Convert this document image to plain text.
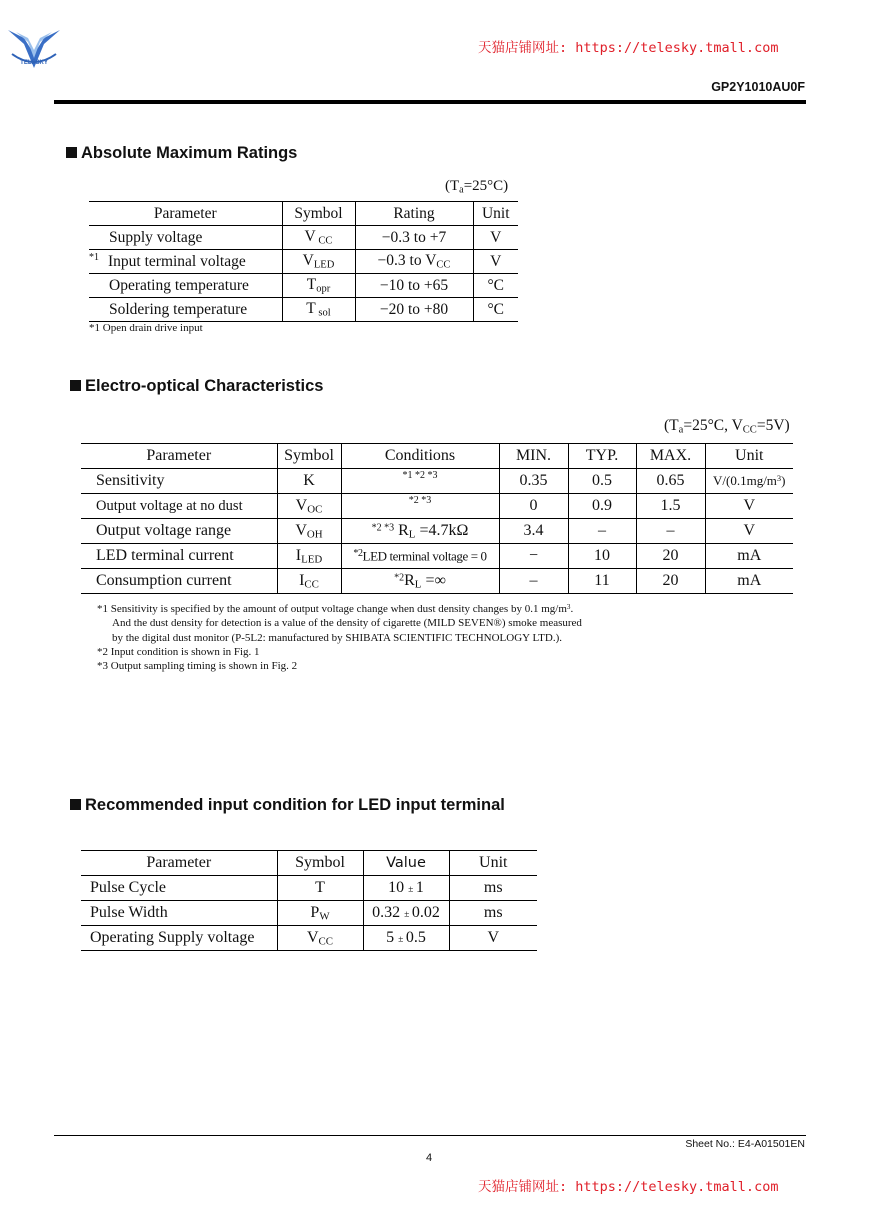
TELESKY
天猫店铺网址: https://telesky.tmall.com
GP2Y1010AU0F
Absolute Maximum Ratings
$(T_a=25^\circ C)$
Parameter	Symbol	Rating	Unit
Supply voltage	V $_{CC}$	−0.3 to +7	V
$^{*1}$ Input terminal voltage	$V_{LED}$	−0.3 to $V_{CC}$	V
Operating temperature	$T_{opr}$	−10 to +65	°C
Soldering temperature	T $_{sol}$	−20 to +80	°C
*1 Open drain drive input
Electro-optical Characteristics
($T_a=25^\circ C$, $V_{CC}=5V$)
Parameter	Symbol	Conditions	MIN.	TYP.	MAX.	Unit
Sensitivity	K	$^{*1 *2 *3}$	0.35	0.5	0.65	$V/(0.1mg/m^3)$
Output voltage at no dust	$V_{OC}$	$^{*2 *3}$	0	0.9	1.5	V
Output voltage range	$V_{OH}$	$^{*2 *3}$ $R_L =4.7k\Omega$	3.4	–	–	V
LED terminal current	$I_{LED}$	$^{*2}$LED terminal voltage = 0	−	10	20	mA
Consumption current	$I_{CC}$	$^{*2}R_L$ =∞	–	11	20	mA
*1 Sensitivity is specified by the amount of output voltage change when dust density changes by 0.1 $mg/m^3$.
And the dust density for detection is a value of the density of cigarette (MILD SEVEN®) smoke measured
by the digital dust monitor (P-5L2: manufactured by SHIBATA SCIENTIFIC TECHNOLOGY LTD.).
*2 Input condition is shown in Fig. 1
*3 Output sampling timing is shown in Fig. 2
Recommended input condition for LED input terminal
Parameter	Symbol	Value	Unit
Pulse Cycle	T	10 ± 1	ms
Pulse Width	$P_W$	0.32 ± 0.02	ms
Operating Supply voltage	$V_{CC}$	5 ± 0.5	V
Sheet No.: E4-A01501EN
4
天猫店铺网址: https://telesky.tmall.com
